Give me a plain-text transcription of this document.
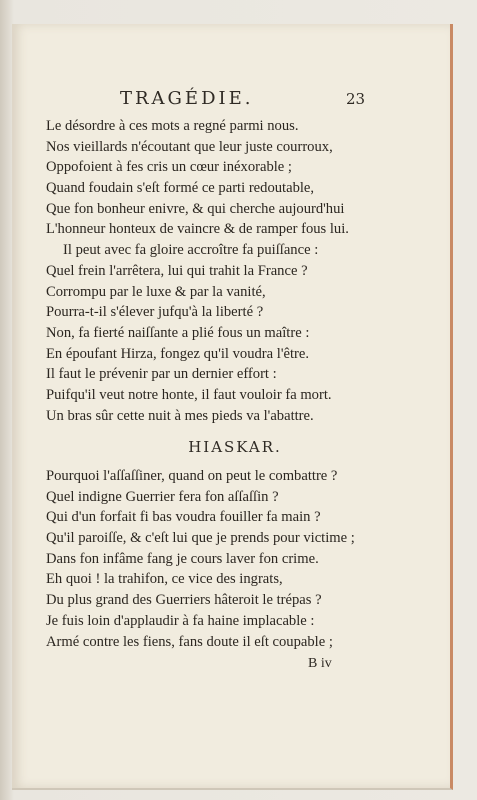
TRAGÉDIE.	23
Le désordre à ces mots a regné parmi nous.
Nos vieillards n'écoutant que leur juste courroux,
Oppofoient à fes cris un cœur inéxorable ;
Quand foudain s'eſt formé ce parti redoutable,
Que fon bonheur enivre, & qui cherche aujourd'hui
L'honneur honteux de vaincre & de ramper fous lui.
Il peut avec fa gloire accroître fa puiſſance :
Quel frein l'arrêtera, lui qui trahit la France ?
Corrompu par le luxe & par la vanité,
Pourra-t-il s'élever jufqu'à la liberté ?
Non, fa fierté naiſſante a plié fous un maître :
En époufant Hirza, fongez qu'il voudra l'être.
Il faut le prévenir par un dernier effort :
Puifqu'il veut notre honte, il faut vouloir fa mort.
Un bras sûr cette nuit à mes pieds va l'abattre.
HIASKAR.
Pourquoi l'aſſaſſiner, quand on peut le combattre ?
Quel indigne Guerrier fera fon aſſaſſin ?
Qui d'un forfait fi bas voudra fouiller fa main ?
Qu'il paroiſſe, & c'eſt lui que je prends pour victime ;
Dans fon infâme fang je cours laver fon crime.
Eh quoi ! la trahifon, ce vice des ingrats,
Du plus grand des Guerriers hâteroit le trépas ?
Je fuis loin d'applaudir à fa haine implacable :
Armé contre les fiens, fans doute il eſt coupable ;
B iv
